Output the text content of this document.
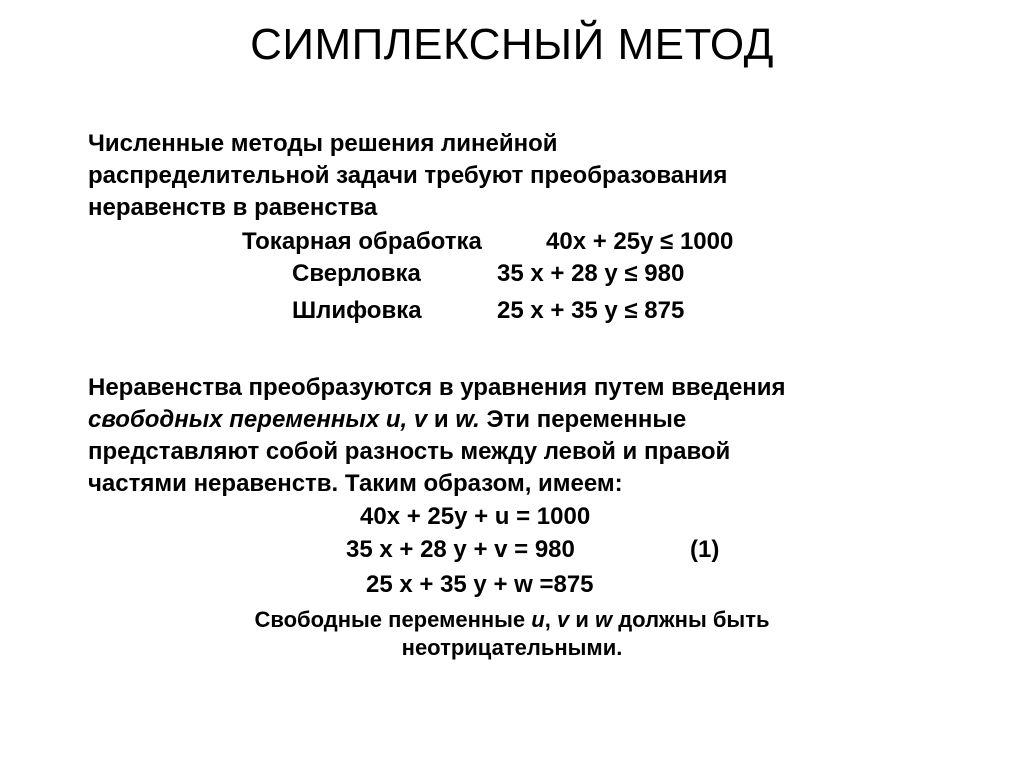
СИМПЛЕКСНЫЙ МЕТОД
Численные методы решения линейной
распределительной задачи требуют преобразования
неравенств в равенства
Токарная обработка	40х + 25у ≤ 1000
Сверловка	35 х + 28 у ≤ 980
Шлифовка	25 х + 35 у ≤ 875
Неравенства преобразуются в уравнения путем введения
свободных переменных u, v и w. Эти переменные
представляют собой разность между левой и правой
частями неравенств. Таким образом, имеем:
40х + 25у + u = 1000
35 х + 28 у + v = 980	(1)
25 х + 35 у + w =875
Свободные переменные u, v и w должны быть
неотрицательными.
